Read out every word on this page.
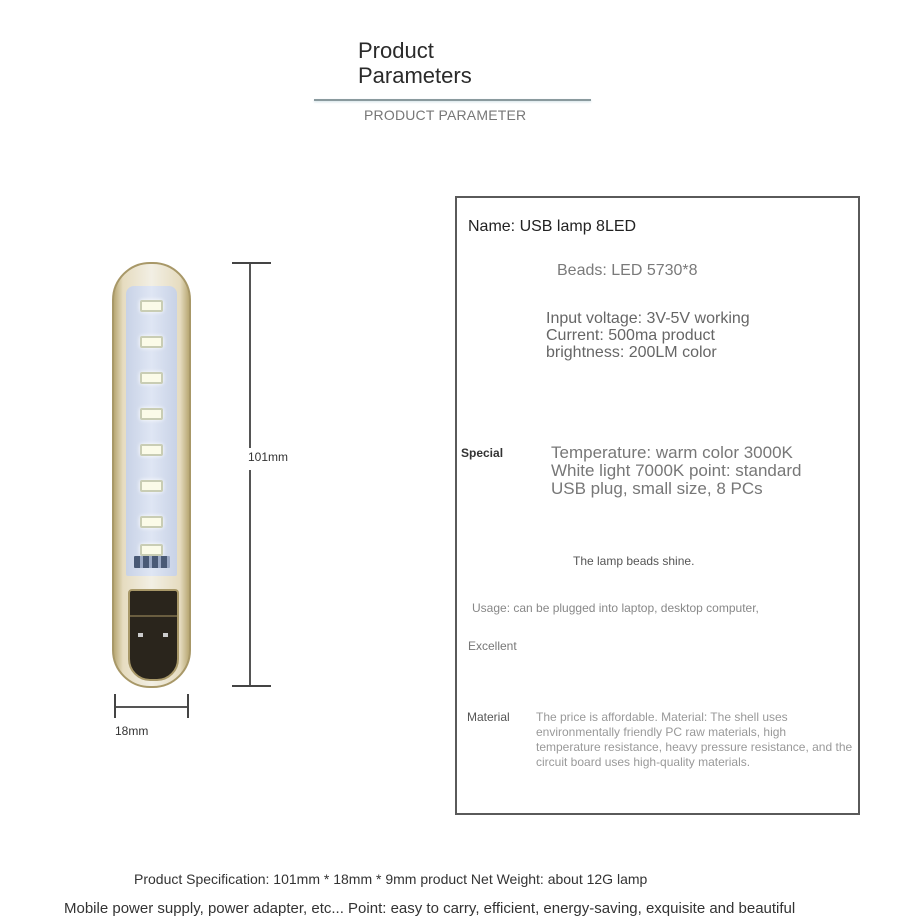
Product
Parameters
PRODUCT PARAMETER
101mm
18mm
Name: USB lamp 8LED
Beads: LED 5730*8
Input voltage: 3V-5V working
Current: 500ma product
brightness: 200LM color
Special	Temperature: warm color 3000K
White light 7000K point: standard
USB plug, small size, 8 PCs
The lamp beads shine.
Usage: can be plugged into laptop, desktop computer,
Excellent
Material The price is affordable. Material: The shell uses environmentally friendly PC raw materials, high temperature resistance, heavy pressure resistance, and the circuit board uses high-quality materials.
Product Specification: 101mm * 18mm * 9mm product Net Weight: about 12G lamp
Mobile power supply, power adapter, etc... Point: easy to carry, efficient, energy-saving, exquisite and beautiful
